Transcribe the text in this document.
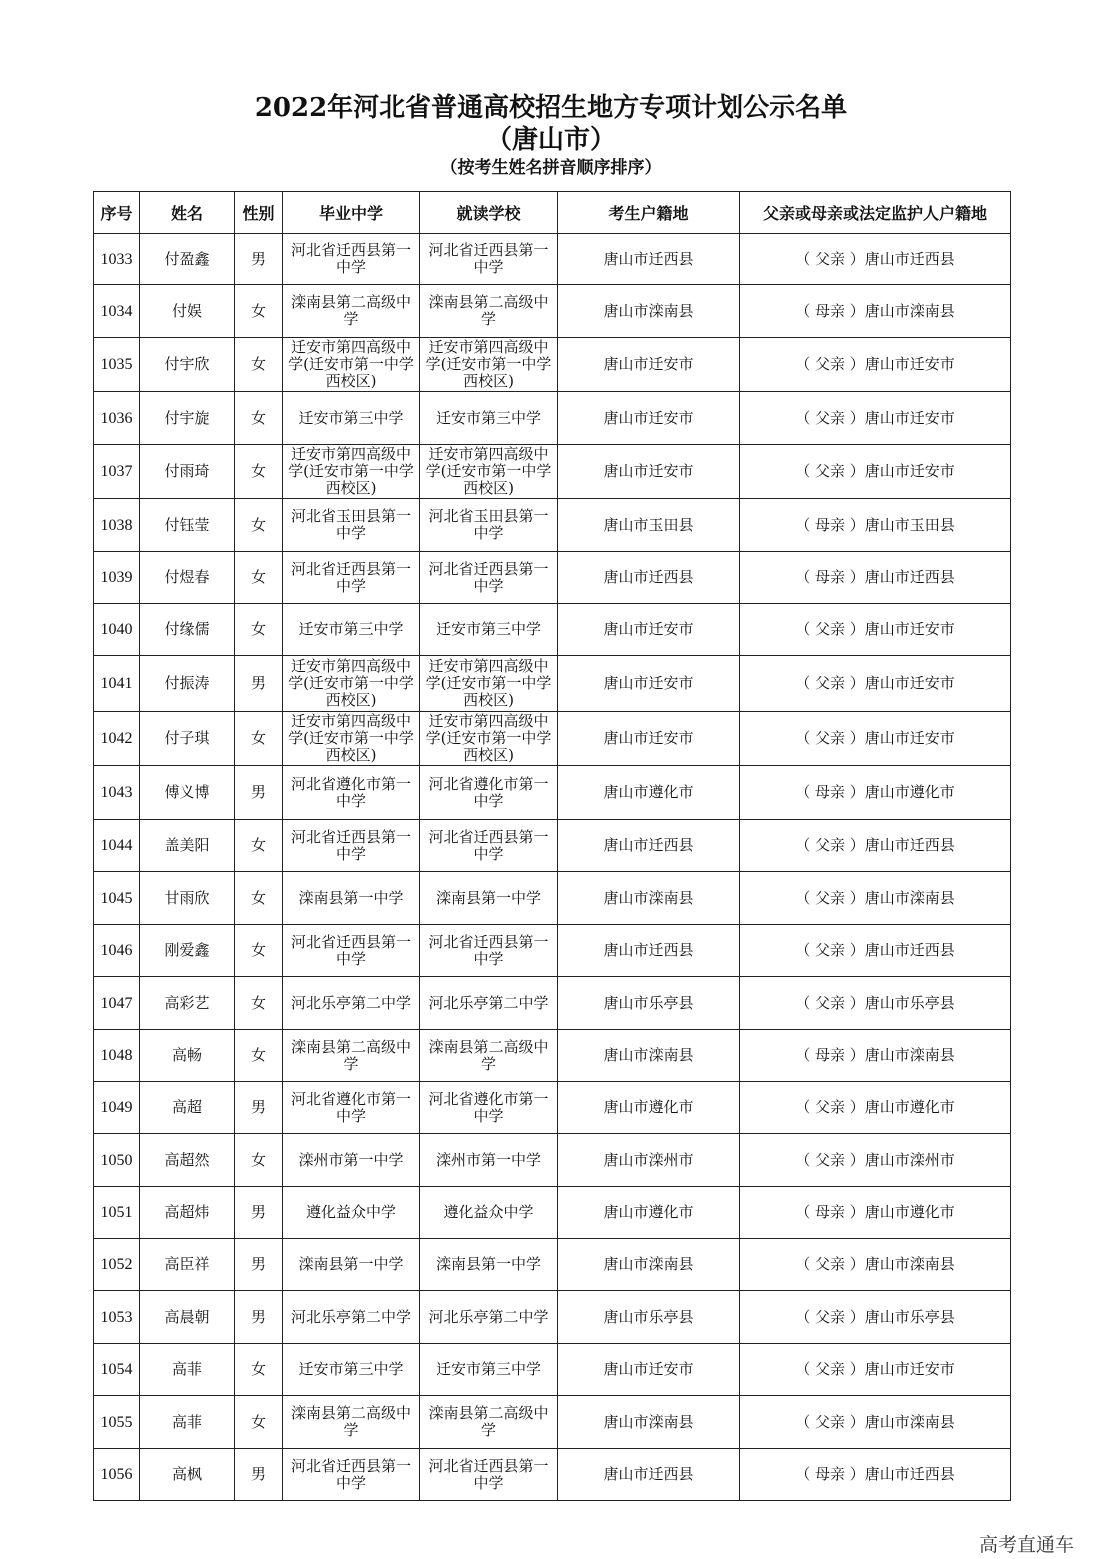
2022年河北省普通高校招生地方专项计划公示名单
（唐山市）
（按考生姓名拼音顺序排序）
序号	姓名	性别	毕业中学	就读学校	考生户籍地	父亲或母亲或法定监护人户籍地
1033	付盈鑫	男	河北省迁西县第一中学	河北省迁西县第一中学	唐山市迁西县	（ 父亲 ）唐山市迁西县
1034	付娱	女	滦南县第二高级中学	滦南县第二高级中学	唐山市滦南县	（ 母亲 ）唐山市滦南县
1035	付宇欣	女	迁安市第四高级中学(迁安市第一中学西校区)	迁安市第四高级中学(迁安市第一中学西校区)	唐山市迁安市	（ 父亲 ）唐山市迁安市
1036	付宇旋	女	迁安市第三中学	迁安市第三中学	唐山市迁安市	（ 父亲 ）唐山市迁安市
1037	付雨琦	女	迁安市第四高级中学(迁安市第一中学西校区)	迁安市第四高级中学(迁安市第一中学西校区)	唐山市迁安市	（ 父亲 ）唐山市迁安市
1038	付钰莹	女	河北省玉田县第一中学	河北省玉田县第一中学	唐山市玉田县	（ 母亲 ）唐山市玉田县
1039	付煜春	女	河北省迁西县第一中学	河北省迁西县第一中学	唐山市迁西县	（ 母亲 ）唐山市迁西县
1040	付缘儒	女	迁安市第三中学	迁安市第三中学	唐山市迁安市	（ 父亲 ）唐山市迁安市
1041	付振涛	男	迁安市第四高级中学(迁安市第一中学西校区)	迁安市第四高级中学(迁安市第一中学西校区)	唐山市迁安市	（ 父亲 ）唐山市迁安市
1042	付子琪	女	迁安市第四高级中学(迁安市第一中学西校区)	迁安市第四高级中学(迁安市第一中学西校区)	唐山市迁安市	（ 父亲 ）唐山市迁安市
1043	傅义博	男	河北省遵化市第一中学	河北省遵化市第一中学	唐山市遵化市	（ 母亲 ）唐山市遵化市
1044	盖美阳	女	河北省迁西县第一中学	河北省迁西县第一中学	唐山市迁西县	（ 父亲 ）唐山市迁西县
1045	甘雨欣	女	滦南县第一中学	滦南县第一中学	唐山市滦南县	（ 父亲 ）唐山市滦南县
1046	刚爱鑫	女	河北省迁西县第一中学	河北省迁西县第一中学	唐山市迁西县	（ 父亲 ）唐山市迁西县
1047	高彩艺	女	河北乐亭第二中学	河北乐亭第二中学	唐山市乐亭县	（ 父亲 ）唐山市乐亭县
1048	高畅	女	滦南县第二高级中学	滦南县第二高级中学	唐山市滦南县	（ 母亲 ）唐山市滦南县
1049	高超	男	河北省遵化市第一中学	河北省遵化市第一中学	唐山市遵化市	（ 父亲 ）唐山市遵化市
1050	高超然	女	滦州市第一中学	滦州市第一中学	唐山市滦州市	（ 父亲 ）唐山市滦州市
1051	高超炜	男	遵化益众中学	遵化益众中学	唐山市遵化市	（ 母亲 ）唐山市遵化市
1052	高臣祥	男	滦南县第一中学	滦南县第一中学	唐山市滦南县	（ 父亲 ）唐山市滦南县
1053	高晨朝	男	河北乐亭第二中学	河北乐亭第二中学	唐山市乐亭县	（ 父亲 ）唐山市乐亭县
1054	高菲	女	迁安市第三中学	迁安市第三中学	唐山市迁安市	（ 父亲 ）唐山市迁安市
1055	高菲	女	滦南县第二高级中学	滦南县第二高级中学	唐山市滦南县	（ 父亲 ）唐山市滦南县
1056	高枫	男	河北省迁西县第一中学	河北省迁西县第一中学	唐山市迁西县	（ 母亲 ）唐山市迁西县
高考直通车
